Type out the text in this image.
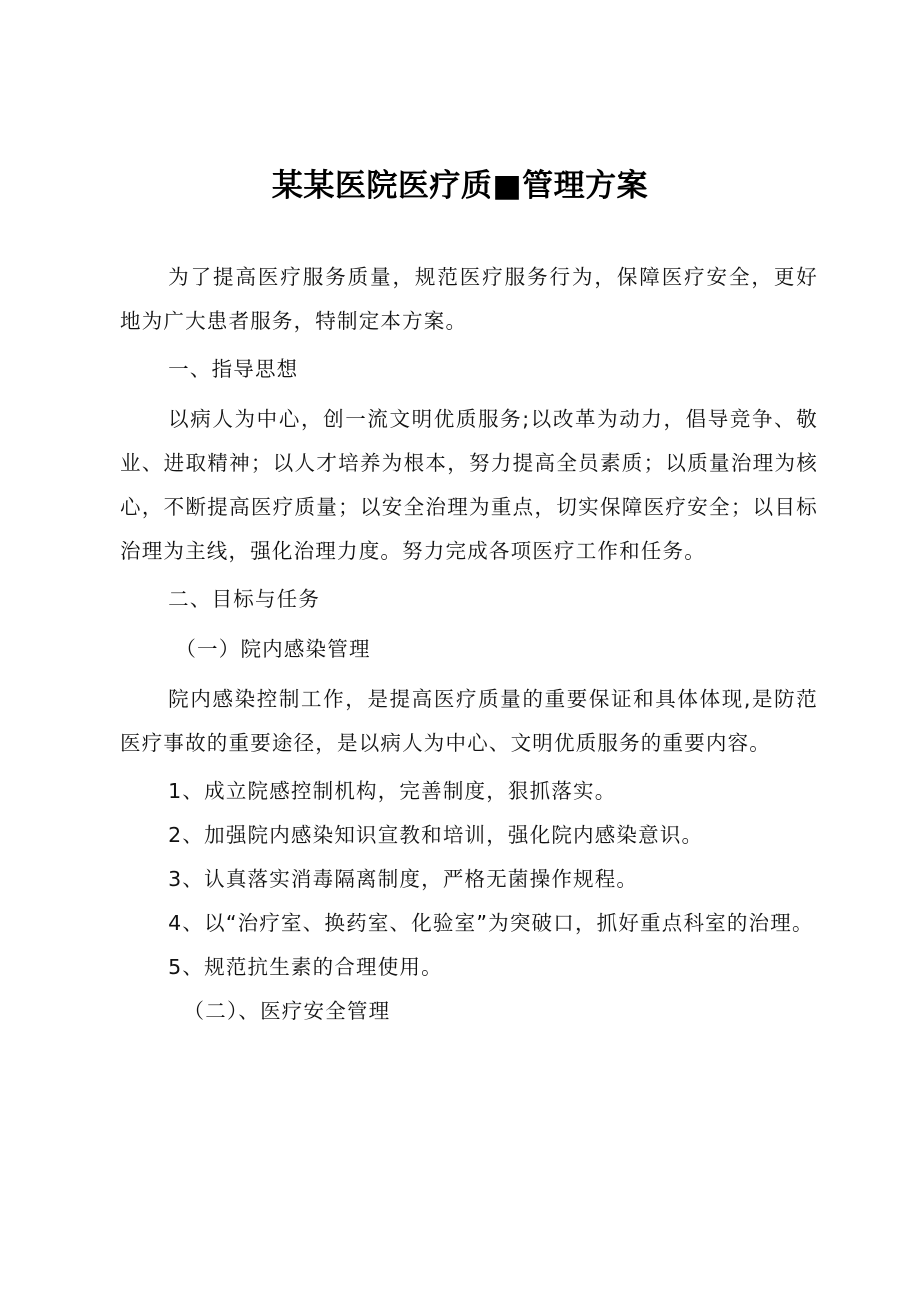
某某医院医疗质■管理方案

为了提高医疗服务质量，规范医疗服务行为，保障医疗安全，更好地为广大患者服务，特制定本方案。

一、指导思想

以病人为中心，创一流文明优质服务;以改革为动力，倡导竞争、敬业、进取精神；以人才培养为根本，努力提高全员素质；以质量治理为核心，不断提高医疗质量；以安全治理为重点，切实保障医疗安全；以目标治理为主线，强化治理力度。努力完成各项医疗工作和任务。

二、目标与任务

（一）院内感染管理

院内感染控制工作，是提高医疗质量的重要保证和具体体现,是防范医疗事故的重要途径，是以病人为中心、文明优质服务的重要内容。

1、成立院感控制机构，完善制度，狠抓落实。

2、加强院内感染知识宣教和培训，强化院内感染意识。

3、认真落实消毒隔离制度，严格无菌操作规程。

4、以“治疗室、换药室、化验室”为突破口，抓好重点科室的治理。

5、规范抗生素的合理使用。

（二）、医疗安全管理
